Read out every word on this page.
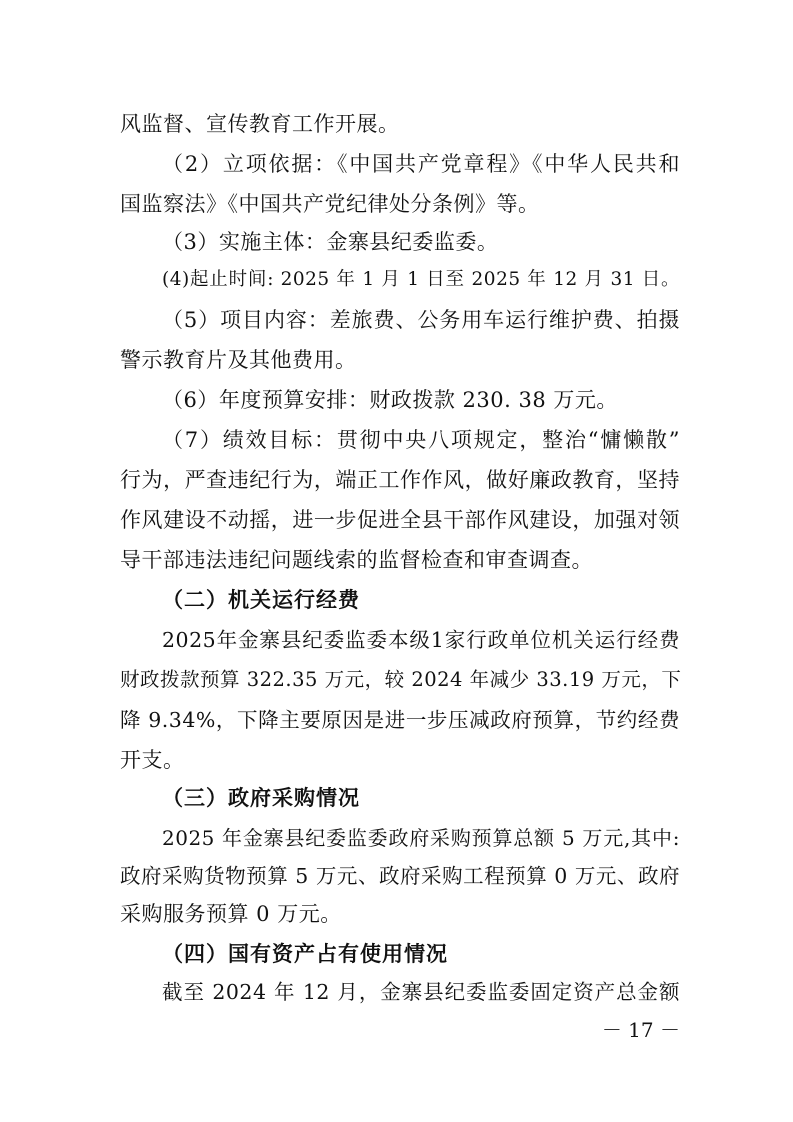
风监督、宣传教育工作开展。
（2）立项依据：《中国共产党章程》《中华人民共和
国监察法》《中国共产党纪律处分条例》等。
（3）实施主体：金寨县纪委监委。
(4)起止时间: 2025 年 1 月 1 日至 2025 年 12 月 31 日。
（5）项目内容：差旅费、公务用车运行维护费、拍摄
警示教育片及其他费用。
（6）年度预算安排：财政拨款 230. 38 万元。
（7）绩效目标：贯彻中央八项规定，整治“慵懒散”
行为，严查违纪行为，端正工作作风，做好廉政教育，坚持
作风建设不动摇，进一步促进全县干部作风建设，加强对领
导干部违法违纪问题线索的监督检查和审查调查。
（二）机关运行经费
2025年金寨县纪委监委本级1家行政单位机关运行经费
财政拨款预算 322.35 万元，较 2024 年减少 33.19 万元，下
降 9.34%，下降主要原因是进一步压减政府预算，节约经费
开支。
（三）政府采购情况
2025 年金寨县纪委监委政府采购预算总额 5 万元,其中:
政府采购货物预算 5 万元、政府采购工程预算 0 万元、政府
采购服务预算 0 万元。
（四）国有资产占有使用情况
截至 2024 年 12 月，金寨县纪委监委固定资产总金额
－ 17 －
